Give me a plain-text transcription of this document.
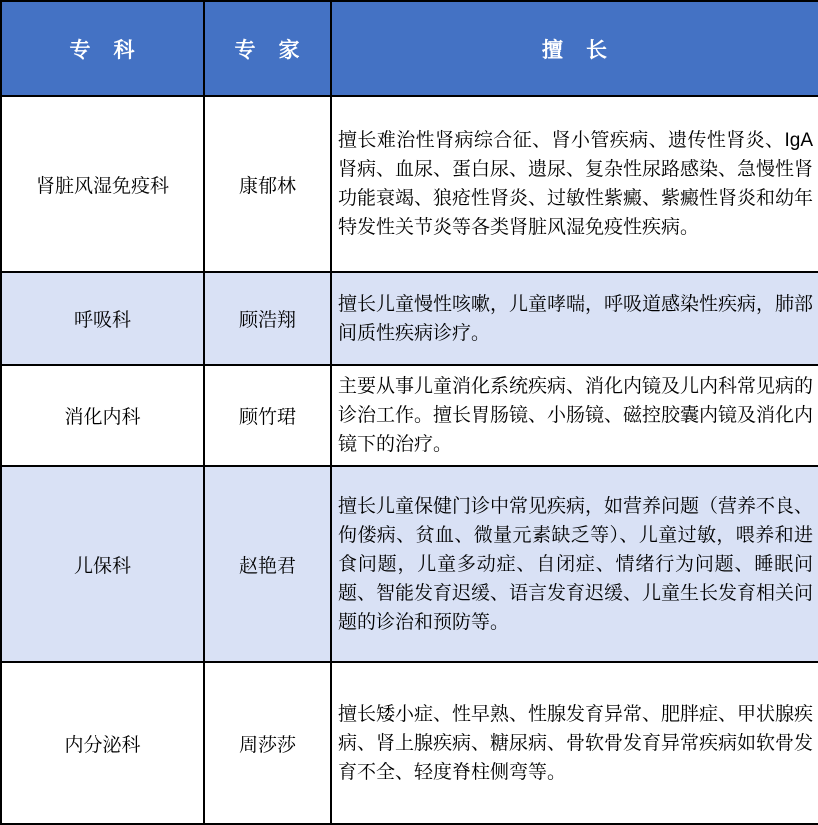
专　科	专　家	擅　长
肾脏风湿免疫科	康郁林	擅长难治性肾病综合征、肾小管疾病、遗传性肾炎、IgA肾病、血尿、蛋白尿、遗尿、复杂性尿路感染、急慢性肾功能衰竭、狼疮性肾炎、过敏性紫癜、紫癜性肾炎和幼年特发性关节炎等各类肾脏风湿免疫性疾病。
呼吸科	顾浩翔	擅长儿童慢性咳嗽，儿童哮喘，呼吸道感染性疾病，肺部间质性疾病诊疗。
消化内科	顾竹珺	主要从事儿童消化系统疾病、消化内镜及儿内科常见病的诊治工作。擅长胃肠镜、小肠镜、磁控胶囊内镜及消化内镜下的治疗。
儿保科	赵艳君	擅长儿童保健门诊中常见疾病，如营养问题（营养不良、佝偻病、贫血、微量元素缺乏等）、儿童过敏，喂养和进食问题，儿童多动症、自闭症、情绪行为问题、睡眠问题、智能发育迟缓、语言发育迟缓、儿童生长发育相关问题的诊治和预防等。
内分泌科	周莎莎	擅长矮小症、性早熟、性腺发育异常、肥胖症、甲状腺疾病、肾上腺疾病、糖尿病、骨软骨发育异常疾病如软骨发育不全、轻度脊柱侧弯等。
